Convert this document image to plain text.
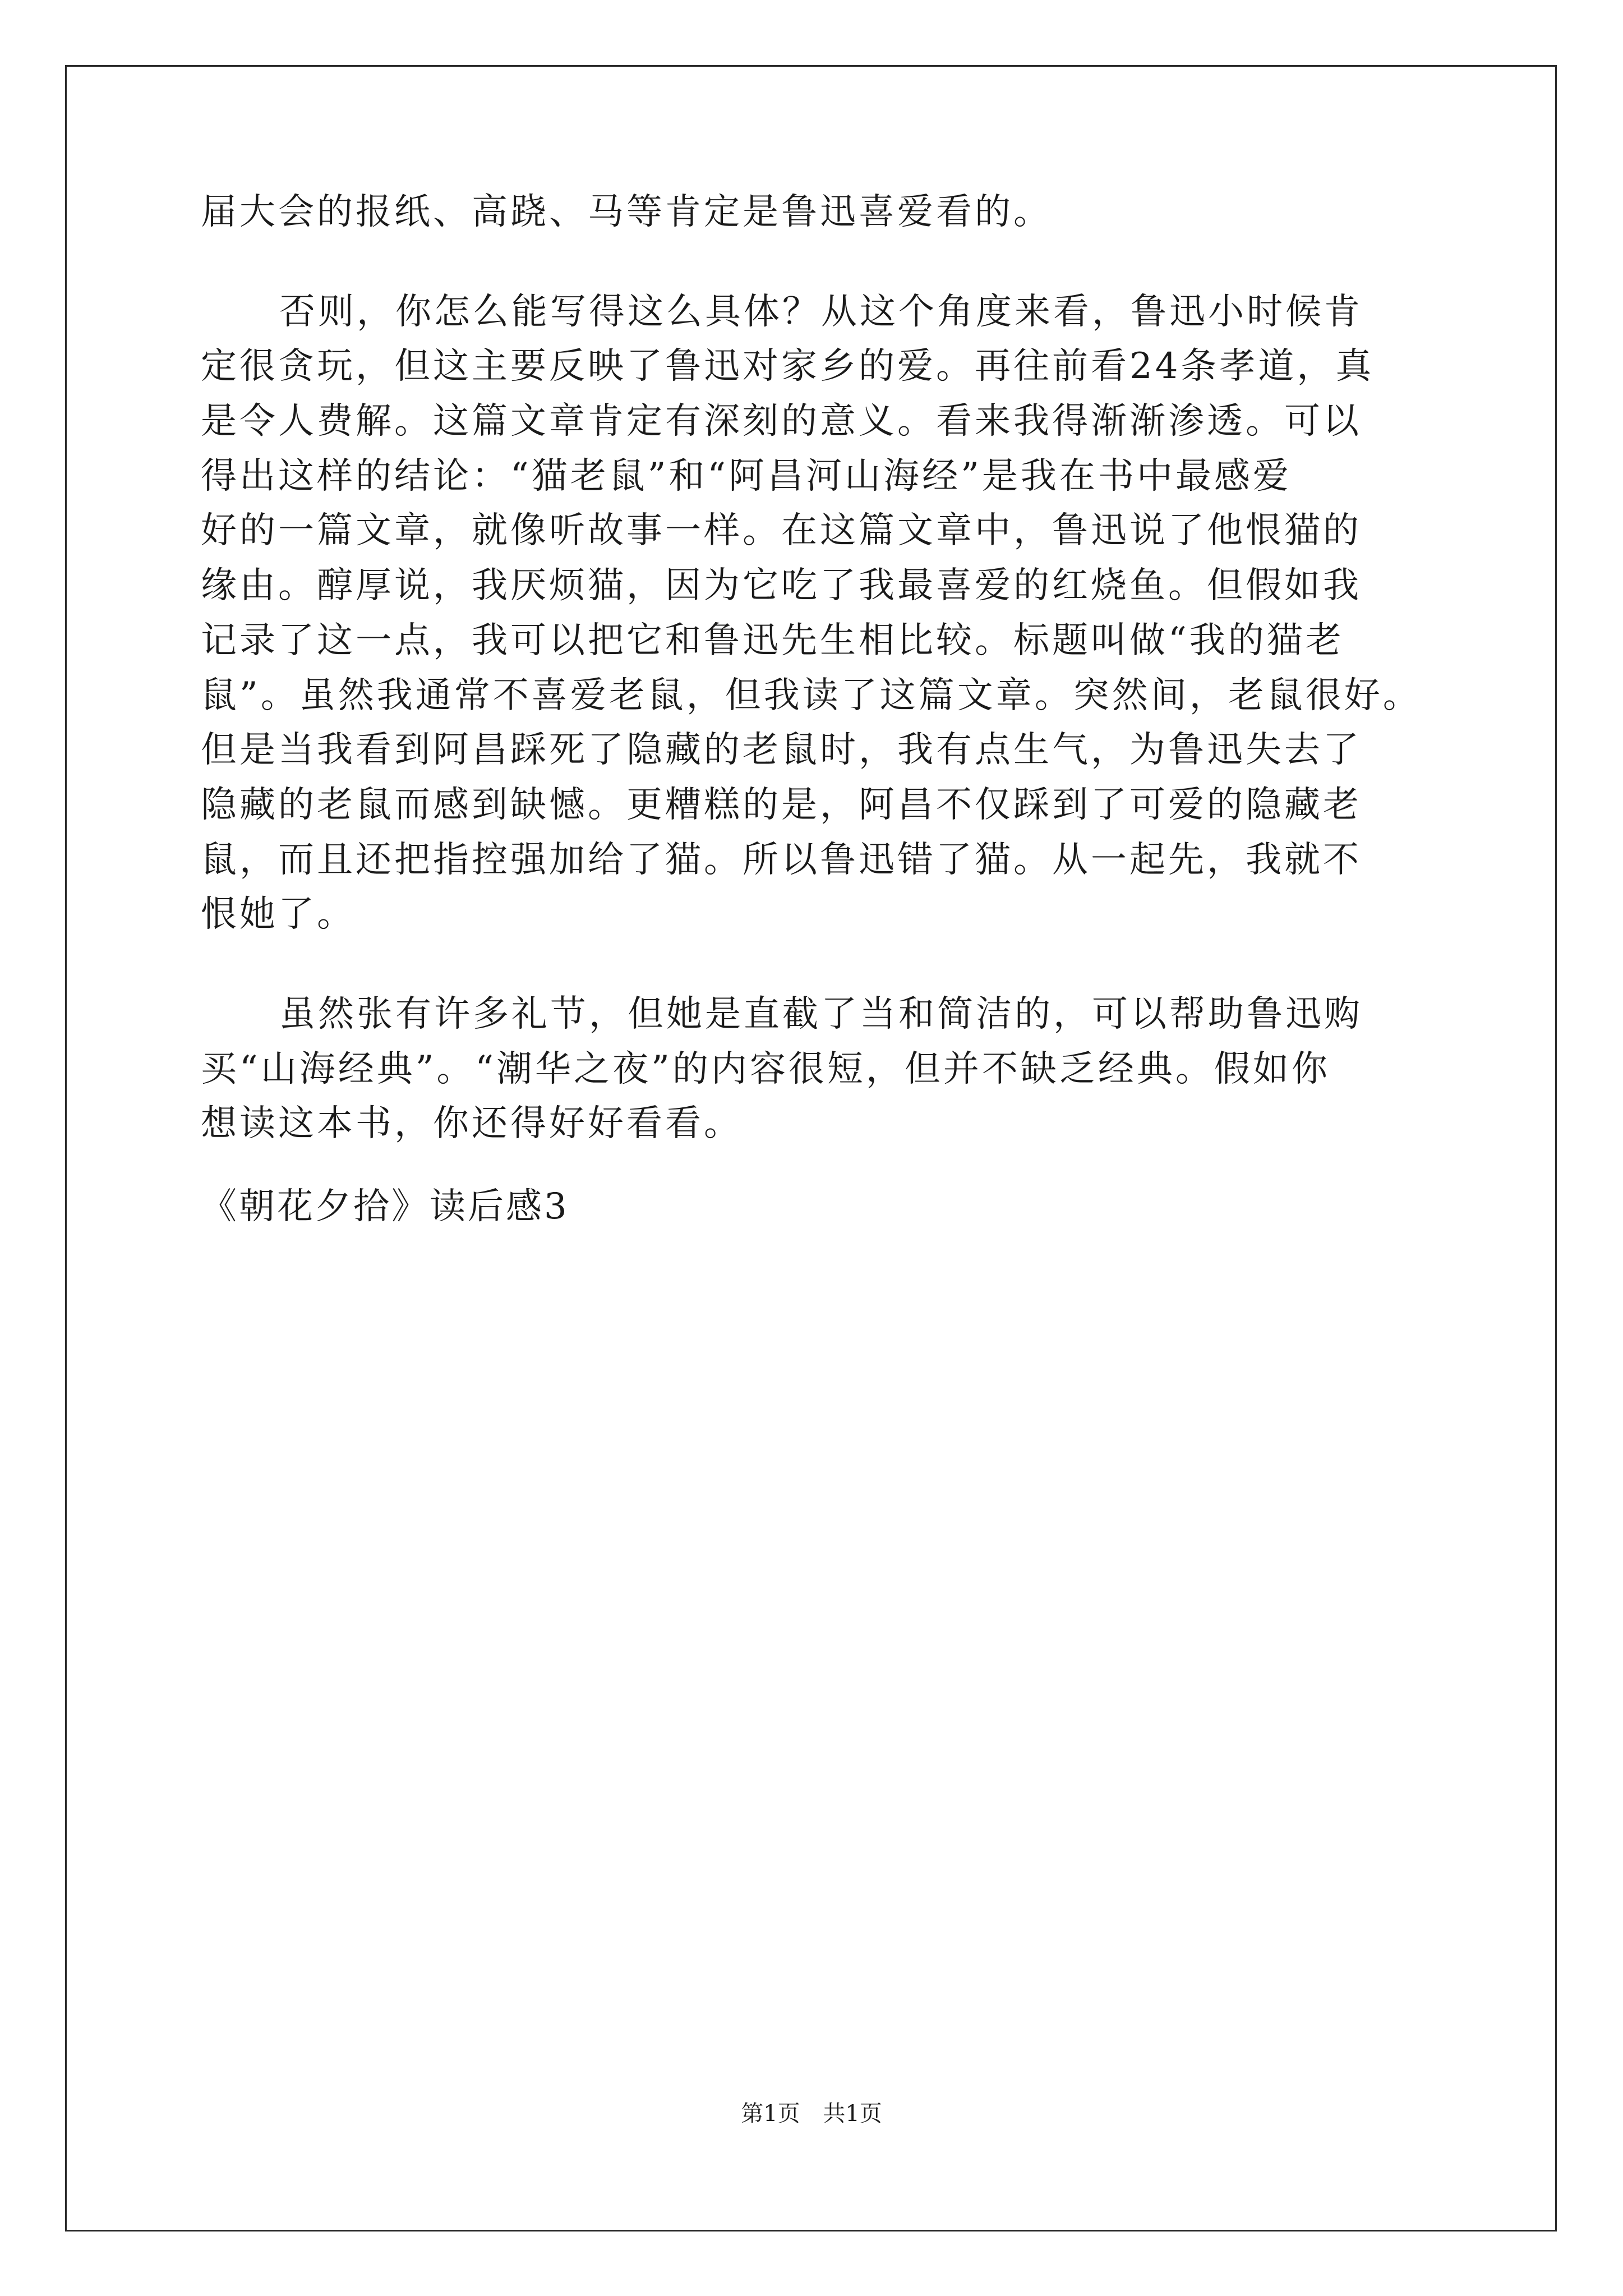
届大会的报纸、高跷、马等肯定是鲁迅喜爱看的。
否则，你怎么能写得这么具体？从这个角度来看，鲁迅小时候肯
定很贪玩，但这主要反映了鲁迅对家乡的爱。再往前看24条孝道，真
是令人费解。这篇文章肯定有深刻的意义。看来我得渐渐渗透。可以
得出这样的结论：“猫老鼠”和“阿昌河山海经”是我在书中最感爱
好的一篇文章，就像听故事一样。在这篇文章中，鲁迅说了他恨猫的
缘由。醇厚说，我厌烦猫，因为它吃了我最喜爱的红烧鱼。但假如我
记录了这一点，我可以把它和鲁迅先生相比较。标题叫做“我的猫老
鼠”。虽然我通常不喜爱老鼠，但我读了这篇文章。突然间，老鼠很好。
但是当我看到阿昌踩死了隐藏的老鼠时，我有点生气，为鲁迅失去了
隐藏的老鼠而感到缺憾。更糟糕的是，阿昌不仅踩到了可爱的隐藏老
鼠，而且还把指控强加给了猫。所以鲁迅错了猫。从一起先，我就不
恨她了。
虽然张有许多礼节，但她是直截了当和简洁的，可以帮助鲁迅购
买“山海经典”。“潮华之夜”的内容很短，但并不缺乏经典。假如你
想读这本书，你还得好好看看。
《朝花夕拾》读后感3
第1页 共1页
